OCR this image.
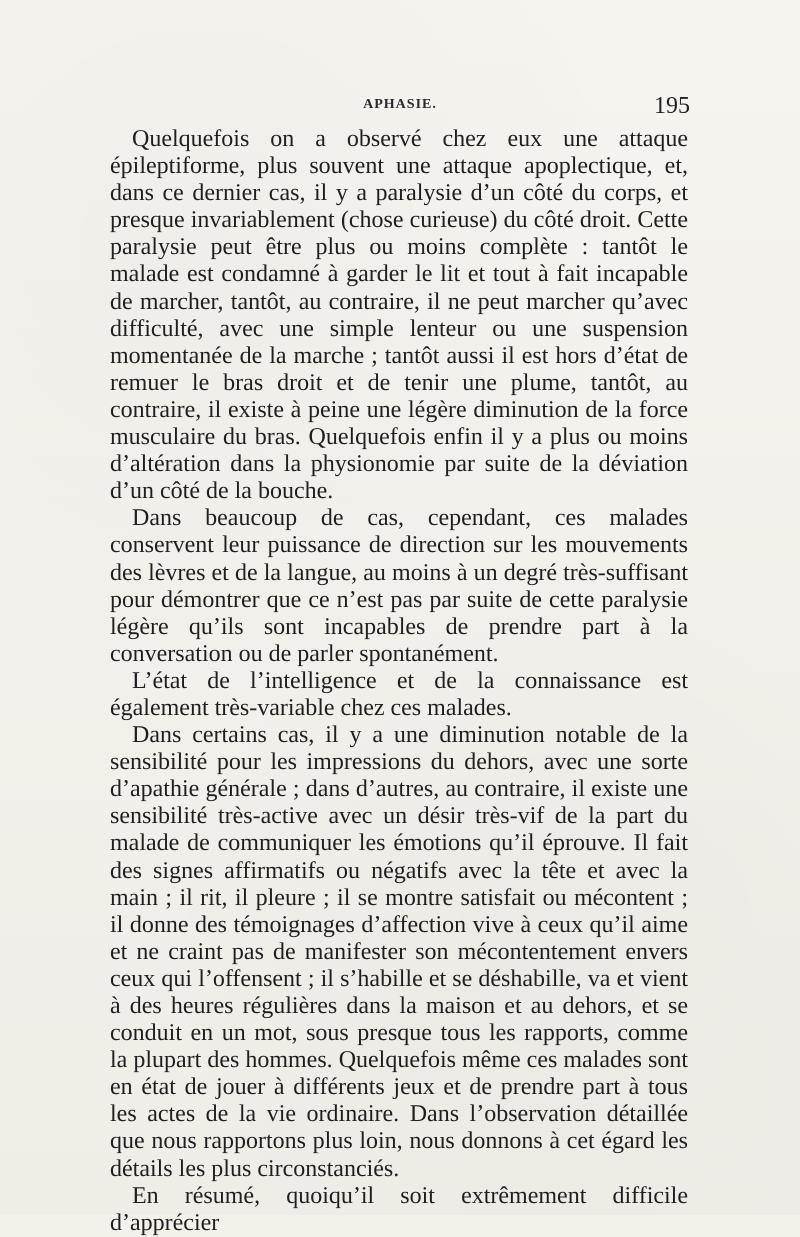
APHASIE.	195

Quelquefois on a observé chez eux une attaque épileptiforme, plus souvent une attaque apoplectique, et, dans ce dernier cas, il y a paralysie d’un côté du corps, et presque invariablement (chose curieuse) du côté droit. Cette paralysie peut être plus ou moins complète : tantôt le malade est condamné à garder le lit et tout à fait incapable de marcher, tantôt, au contraire, il ne peut marcher qu’avec difficulté, avec une simple lenteur ou une suspension momentanée de la marche ; tantôt aussi il est hors d’état de remuer le bras droit et de tenir une plume, tantôt, au contraire, il existe à peine une légère diminution de la force musculaire du bras. Quelquefois enfin il y a plus ou moins d’altération dans la physionomie par suite de la déviation d’un côté de la bouche.

Dans beaucoup de cas, cependant, ces malades conservent leur puissance de direction sur les mouvements des lèvres et de la langue, au moins à un degré très-suffisant pour démontrer que ce n’est pas par suite de cette paralysie légère qu’ils sont incapables de prendre part à la conversation ou de parler spontanément.

L’état de l’intelligence et de la connaissance est également très-variable chez ces malades.

Dans certains cas, il y a une diminution notable de la sensibilité pour les impressions du dehors, avec une sorte d’apathie générale ; dans d’autres, au contraire, il existe une sensibilité très-active avec un désir très-vif de la part du malade de communiquer les émotions qu’il éprouve. Il fait des signes affirmatifs ou négatifs avec la tête et avec la main ; il rit, il pleure ; il se montre satisfait ou mécontent ; il donne des témoignages d’affection vive à ceux qu’il aime et ne craint pas de manifester son mécontentement envers ceux qui l’offensent ; il s’habille et se déshabille, va et vient à des heures régulières dans la maison et au dehors, et se conduit en un mot, sous presque tous les rapports, comme la plupart des hommes. Quelquefois même ces malades sont en état de jouer à différents jeux et de prendre part à tous les actes de la vie ordinaire. Dans l’observation détaillée que nous rapportons plus loin, nous donnons à cet égard les détails les plus circonstanciés.

En résumé, quoiqu’il soit extrêmement difficile d’apprécier
